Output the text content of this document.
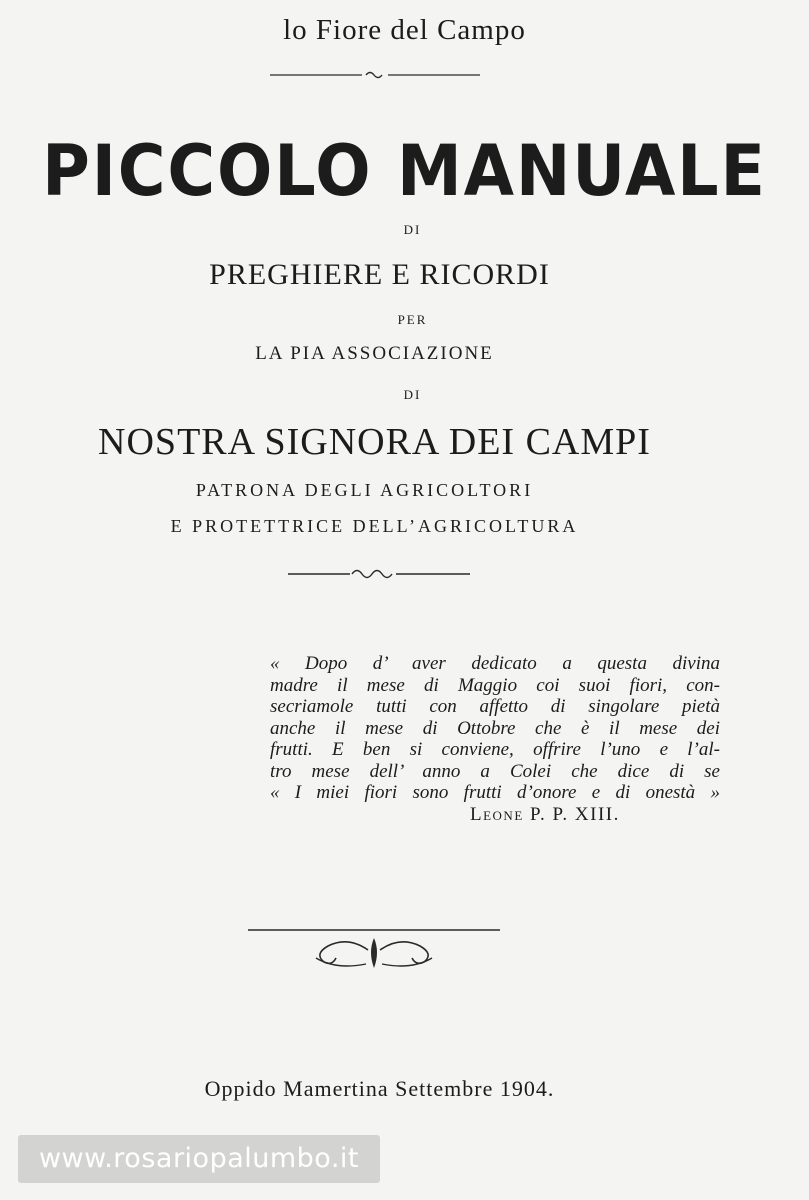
lo Fiore del Campo
PICCOLO MANUALE
DI
PREGHIERE E RICORDI
PER
LA PIA ASSOCIAZIONE
DI
NOSTRA SIGNORA DEI CAMPI
PATRONA DEGLI AGRICOLTORI
E PROTETTRICE DELL’AGRICOLTURA
« Dopo d’ aver dedicato a questa divina
madre il mese di Maggio coi suoi fiori, con-
secriamole tutti con affetto di singolare pietà
anche il mese di Ottobre che è il mese dei
frutti. E ben si conviene, offrire l’uno e l’al-
tro mese dell’ anno a Colei che dice di se
« I miei fiori sono frutti d’onore e di onestà »
Leone P. P. XIII.
Oppido Mamertina Settembre 1904.
www.rosariopalumbo.it
